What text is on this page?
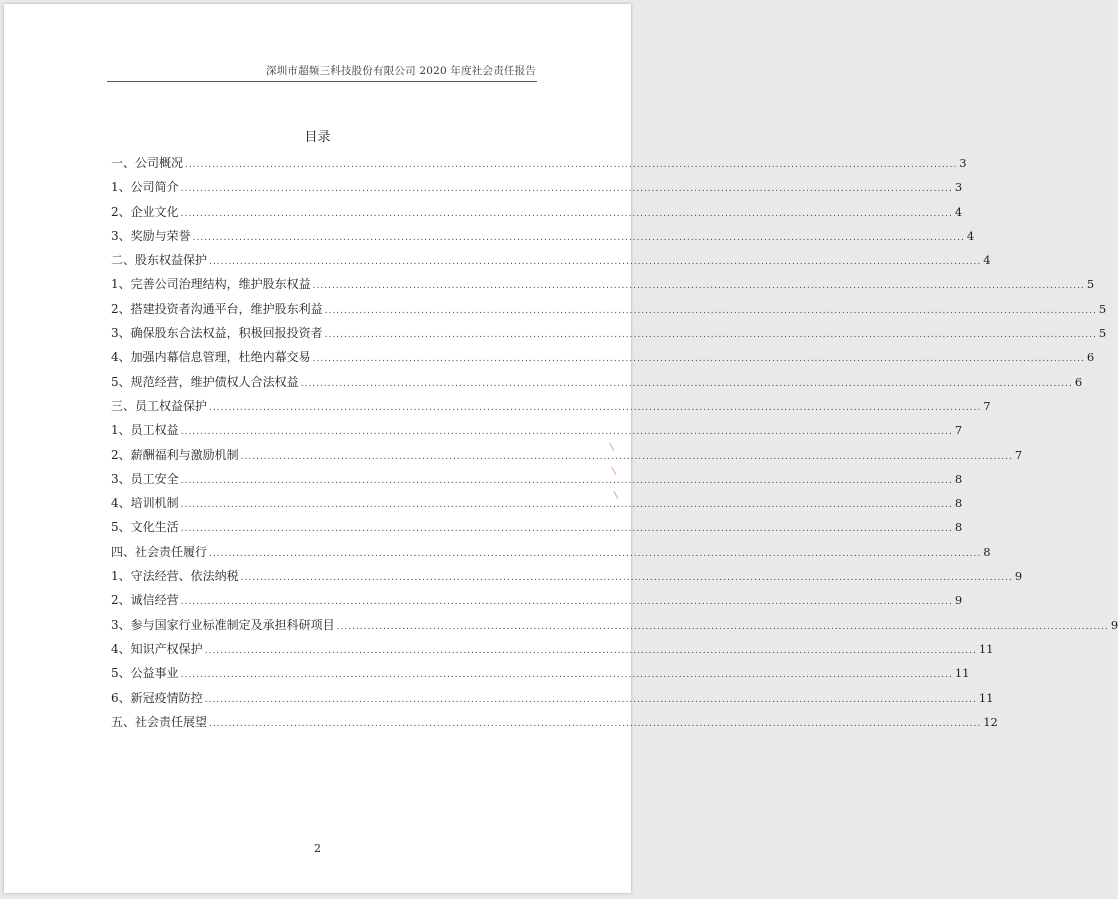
深圳市超频三科技股份有限公司 2020 年度社会责任报告
目录
一、公司概况 ........................................................................................................................................................................................................ 3
1、公司简介 ........................................................................................................................................................................................................ 3
2、企业文化 ........................................................................................................................................................................................................ 4
3、奖励与荣誉 ........................................................................................................................................................................................................ 4
二、股东权益保护 ........................................................................................................................................................................................................ 4
1、完善公司治理结构，维护股东权益 ........................................................................................................................................................................................................ 5
2、搭建投资者沟通平台，维护股东利益 ........................................................................................................................................................................................................ 5
3、确保股东合法权益，积极回报投资者 ........................................................................................................................................................................................................ 5
4、加强内幕信息管理，杜绝内幕交易 ........................................................................................................................................................................................................ 6
5、规范经营，维护债权人合法权益 ........................................................................................................................................................................................................ 6
三、员工权益保护 ........................................................................................................................................................................................................ 7
1、员工权益 ........................................................................................................................................................................................................ 7
2、薪酬福利与激励机制 ........................................................................................................................................................................................................ 7
3、员工安全 ........................................................................................................................................................................................................ 8
4、培训机制 ........................................................................................................................................................................................................ 8
5、文化生活 ........................................................................................................................................................................................................ 8
四、社会责任履行 ........................................................................................................................................................................................................ 8
1、守法经营、依法纳税 ........................................................................................................................................................................................................ 9
2、诚信经营 ........................................................................................................................................................................................................ 9
3、参与国家行业标准制定及承担科研项目 ........................................................................................................................................................................................................ 9
4、知识产权保护 ........................................................................................................................................................................................................ 11
5、公益事业 ........................................................................................................................................................................................................ 11
6、新冠疫情防控 ........................................................................................................................................................................................................ 11
五、社会责任展望 ........................................................................................................................................................................................................ 12
2
⁄
⁄
⁄
